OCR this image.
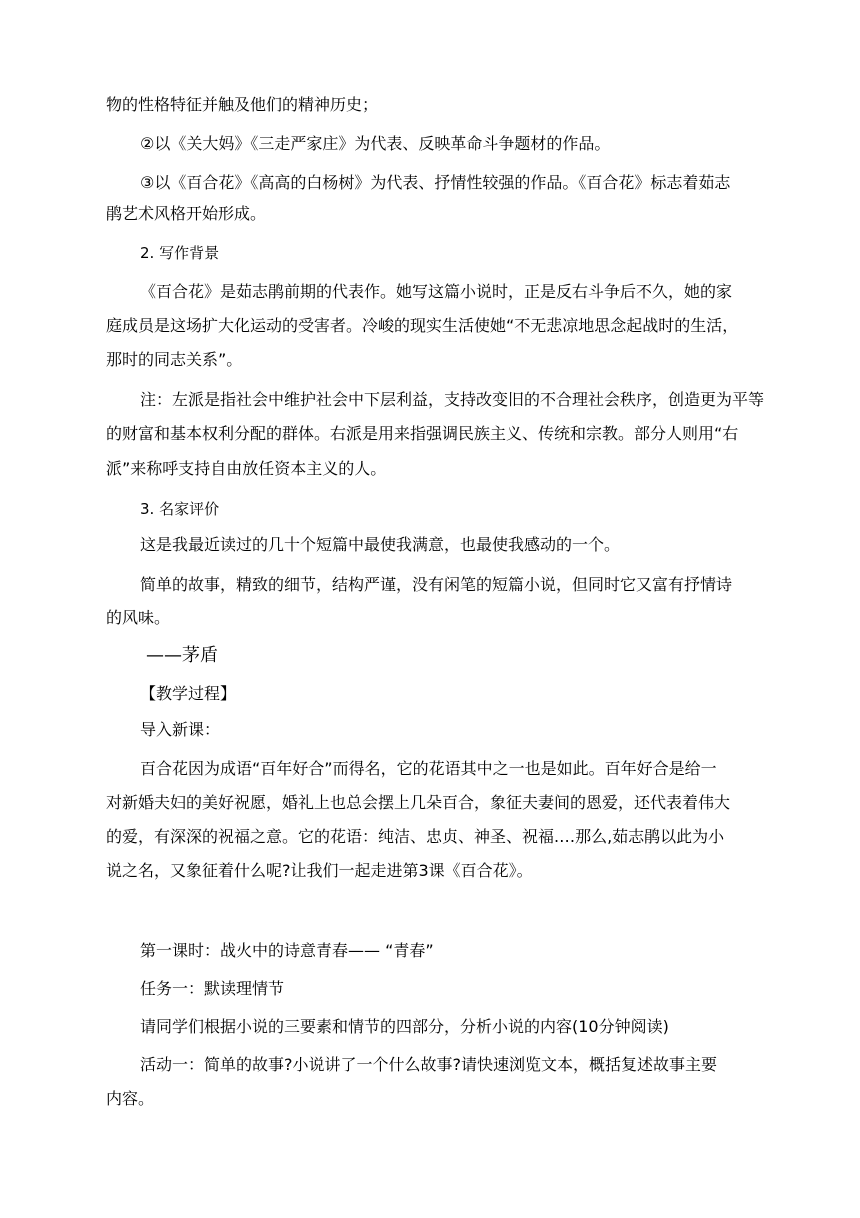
物的性格特征并触及他们的精神历史；
②以《关大妈》《三走严家庄》为代表、反映革命斗争题材的作品。
③以《百合花》《高高的白杨树》为代表、抒情性较强的作品。《百合花》标志着茹志
鹃艺术风格开始形成。
2. 写作背景
《百合花》是茹志鹃前期的代表作。她写这篇小说时，正是反右斗争后不久，她的家
庭成员是这场扩大化运动的受害者。冷峻的现实生活使她“不无悲凉地思念起战时的生活，
那时的同志关系”。
注：左派是指社会中维护社会中下层利益，支持改变旧的不合理社会秩序，创造更为平等
的财富和基本权利分配的群体。右派是用来指强调民族主义、传统和宗教。部分人则用“右
派”来称呼支持自由放任资本主义的人。
3. 名家评价
这是我最近读过的几十个短篇中最使我满意，也最使我感动的一个。
简单的故事，精致的细节，结构严谨，没有闲笔的短篇小说，但同时它又富有抒情诗
的风味。
——茅盾
【教学过程】
导入新课：
百合花因为成语“百年好合”而得名，它的花语其中之一也是如此。百年好合是给一
对新婚夫妇的美好祝愿，婚礼上也总会摆上几朵百合，象征夫妻间的恩爱，还代表着伟大
的爱，有深深的祝福之意。它的花语：纯洁、忠贞、神圣、祝福.…那么,茹志鹃以此为小
说之名，又象征着什么呢?让我们一起走进第3课《百合花》。
第一课时：战火中的诗意青春—— “青春”
任务一：默读理情节
请同学们根据小说的三要素和情节的四部分，分析小说的内容(10分钟阅读)
活动一：简单的故事?小说讲了一个什么故事?请快速浏览文本，概括复述故事主要
内容。
